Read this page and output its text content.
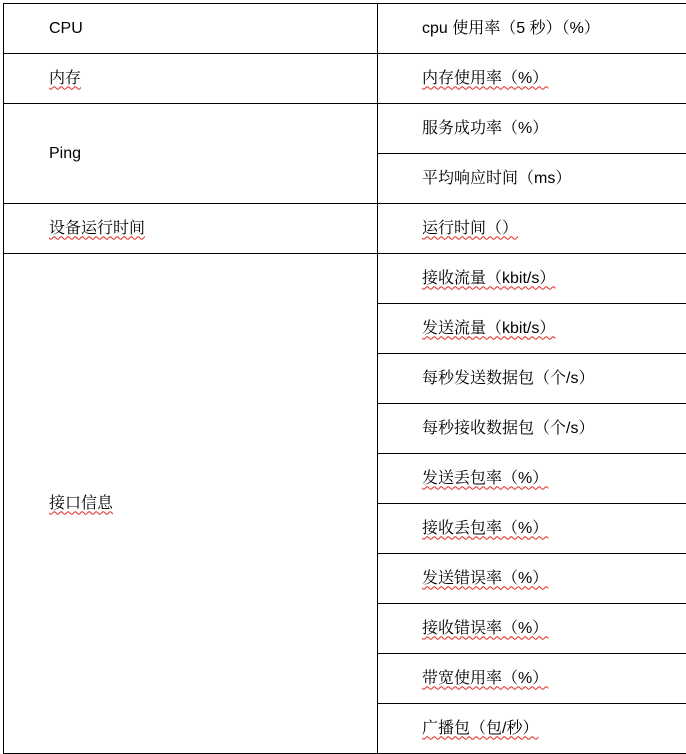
CPU	cpu 使用率（5 秒）（%）
内存	内存使用率（%）
Ping	服务成功率（%）
	平均响应时间（ms）
设备运行时间	运行时间（）
接口信息	接收流量（kbit/s）
	发送流量（kbit/s）
	每秒发送数据包（个/s）
	每秒接收数据包（个/s）
	发送丢包率（%）
	接收丢包率（%）
	发送错误率（%）
	接收错误率（%）
	带宽使用率（%）
	广播包（包/秒）
